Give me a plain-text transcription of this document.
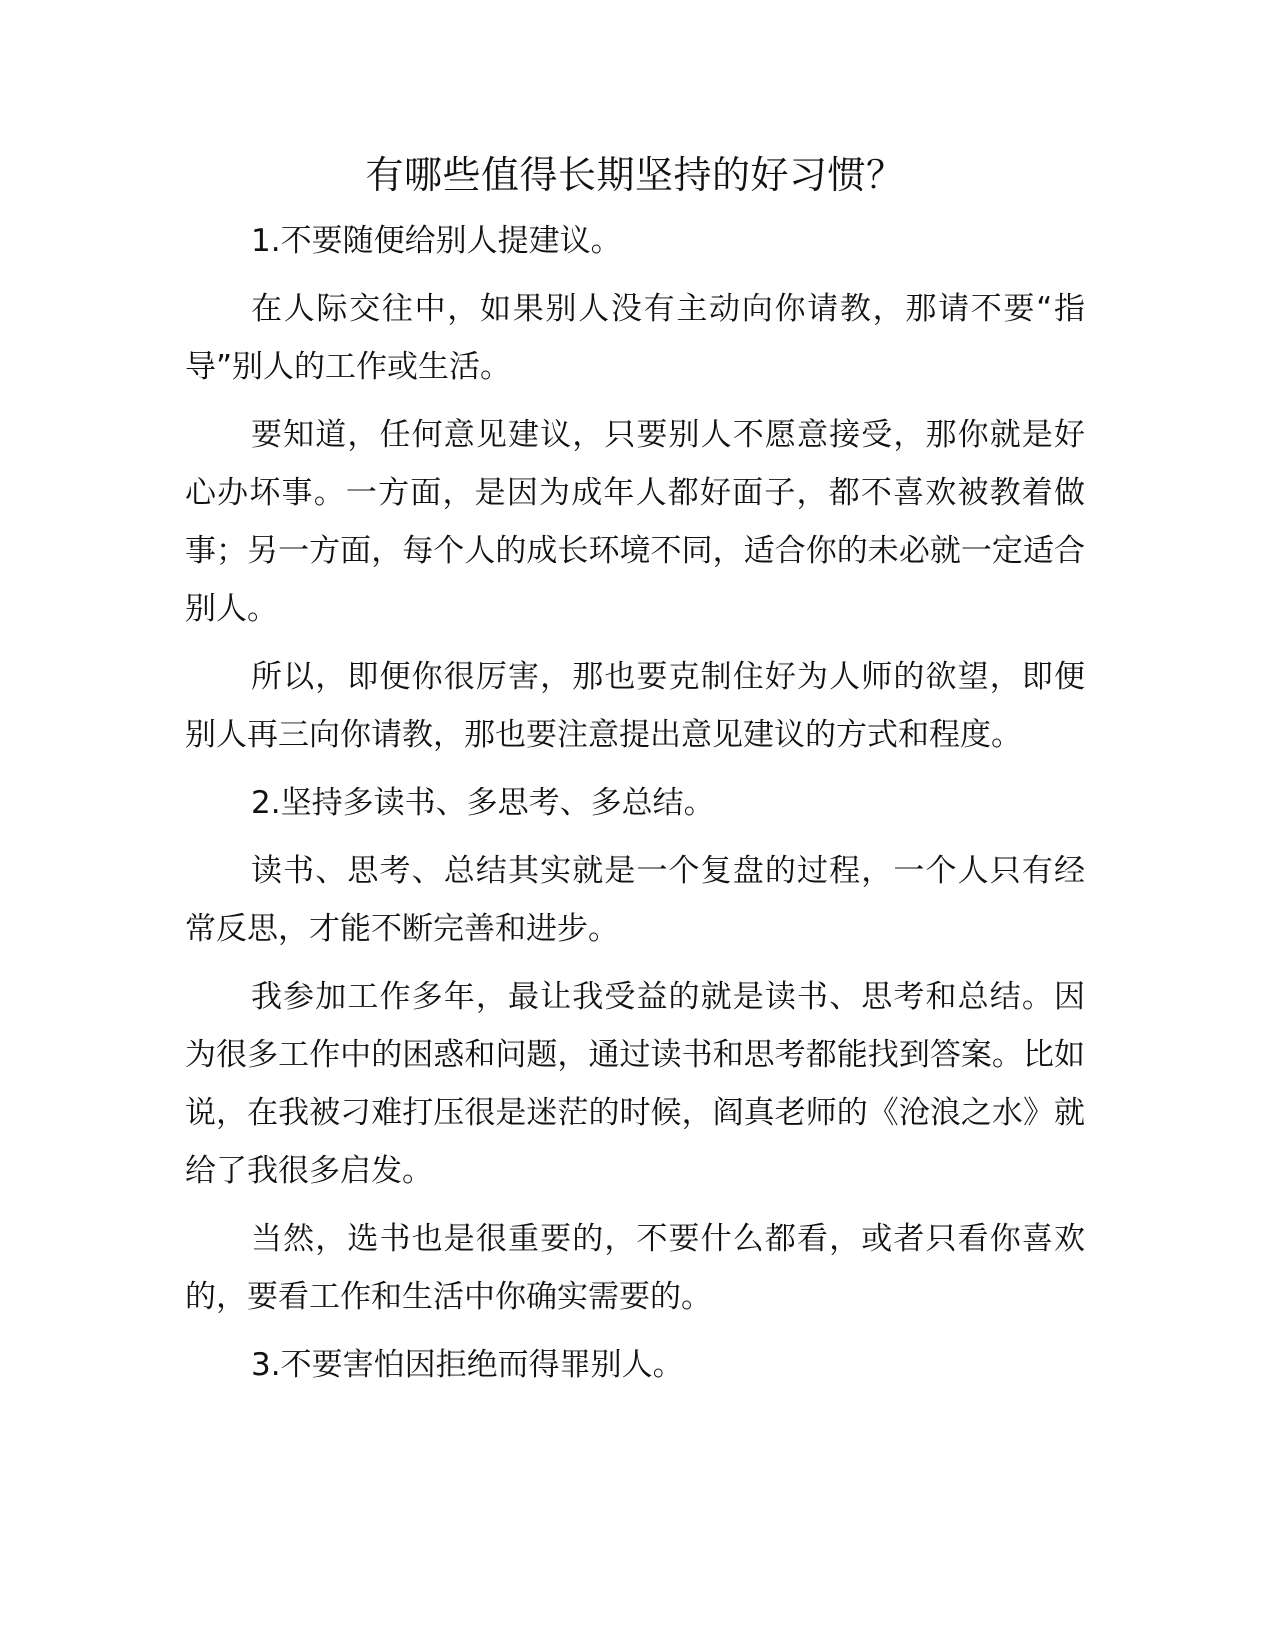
有哪些值得长期坚持的好习惯？

1.不要随便给别人提建议。

在人际交往中，如果别人没有主动向你请教，那请不要“指导”别人的工作或生活。

要知道，任何意见建议，只要别人不愿意接受，那你就是好心办坏事。一方面，是因为成年人都好面子，都不喜欢被教着做事；另一方面，每个人的成长环境不同，适合你的未必就一定适合别人。

所以，即便你很厉害，那也要克制住好为人师的欲望，即便别人再三向你请教，那也要注意提出意见建议的方式和程度。

2.坚持多读书、多思考、多总结。

读书、思考、总结其实就是一个复盘的过程，一个人只有经常反思，才能不断完善和进步。

我参加工作多年，最让我受益的就是读书、思考和总结。因为很多工作中的困惑和问题，通过读书和思考都能找到答案。比如说，在我被刁难打压很是迷茫的时候，阎真老师的《沧浪之水》就给了我很多启发。

当然，选书也是很重要的，不要什么都看，或者只看你喜欢的，要看工作和生活中你确实需要的。

3.不要害怕因拒绝而得罪别人。
